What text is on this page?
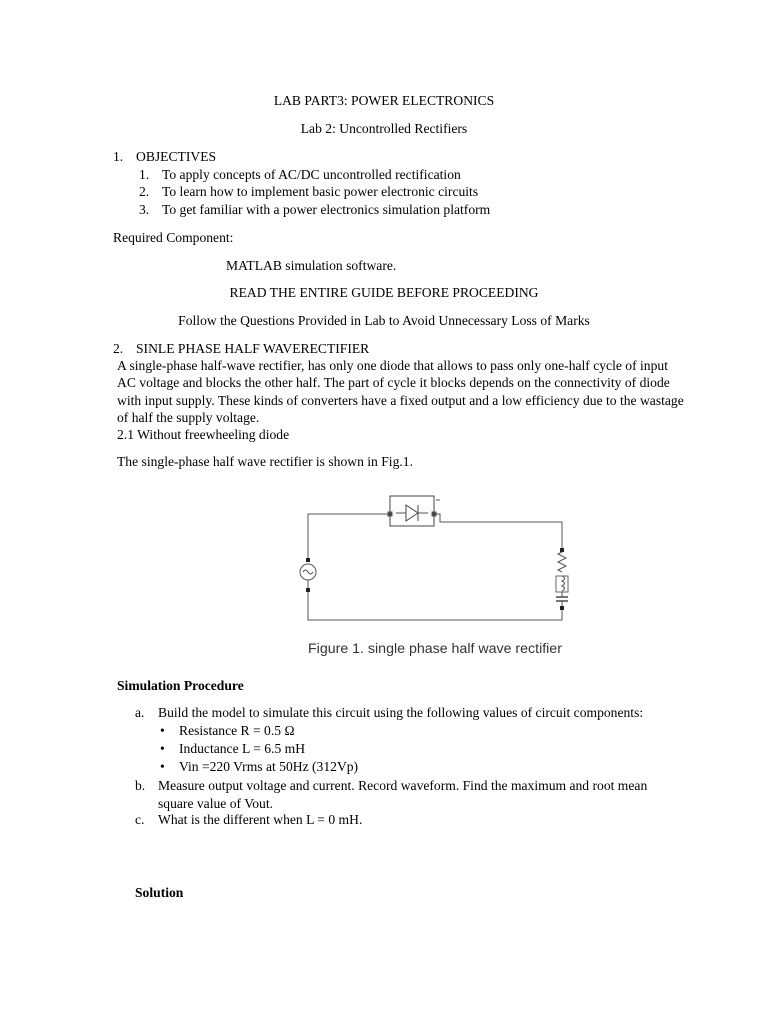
LAB PART3: POWER ELECTRONICS
Lab 2: Uncontrolled Rectifiers
1. OBJECTIVES
1. To apply concepts of AC/DC uncontrolled rectification
2. To learn how to implement basic power electronic circuits
3. To get familiar with a power electronics simulation platform
Required Component:
MATLAB simulation software.
READ THE ENTIRE GUIDE BEFORE PROCEEDING
Follow the Questions Provided in Lab to Avoid Unnecessary Loss of Marks
2. SINLE PHASE HALF WAVERECTIFIER
A single-phase half-wave rectifier, has only one diode that allows to pass only one-half cycle of input AC voltage and blocks the other half. The part of cycle it blocks depends on the connectivity of diode with input supply. These kinds of converters have a fixed output and a low efficiency due to the wastage of half the supply voltage.
2.1 Without freewheeling diode
The single-phase half wave rectifier is shown in Fig.1.
Figure 1. single phase half wave rectifier
Simulation Procedure
a. Build the model to simulate this circuit using the following values of circuit components:
• Resistance R = 0.5 Ω
• Inductance L = 6.5 mH
• Vin =220 Vrms at 50Hz (312Vp)
b. Measure output voltage and current. Record waveform. Find the maximum and root mean square value of Vout.
c. What is the different when L = 0 mH.
Solution
